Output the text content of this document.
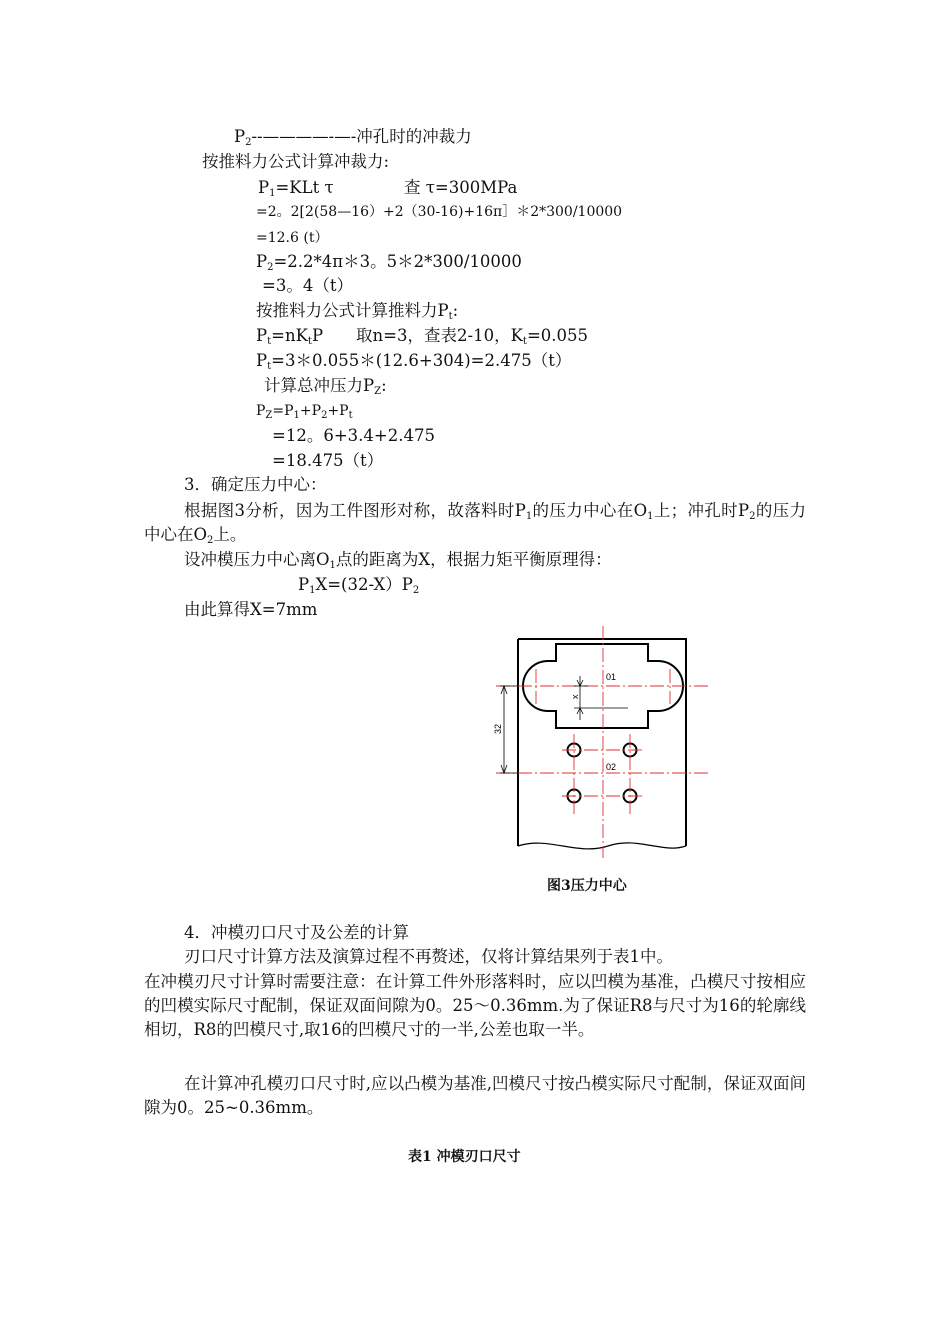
$P_2--————-—-$冲孔时的冲裁力
按推料力公式计算冲裁力:
$P_1=KLt$ τ	查 τ=300MPa
=2。2[2(58—16）+2（30-16)+16π］＊2*300/10000
=12.6 (t）
$P_2=2.2*4\pi*3$。5＊2*300/10000
=3。4（t）
按推料力公式计算推料力$P_t$:
$P_t=nK_tP$　　取n=3，查表2-10，$K_t=0.055$
$P_t=3*0.055*(12.6+304)=2.475(t)$
计算总冲压力$P_Z$:
$P_Z=P_1+P_2+P_t$
=12。6+3.4+2.475
=18.475（t）
3．确定压力中心：
根据图3分析，因为工件图形对称，故落料时$P_1$的压力中心在$O_1$上；冲孔时$P_2$的压力中心在$O_2$上。
设冲模压力中心离$O_1$点的距离为X，根据力矩平衡原理得：
$P_1X=(32-X)P_2$
由此算得X=7mm
01
02
x
32
图3压力中心
4．冲模刃口尺寸及公差的计算
刃口尺寸计算方法及演算过程不再赘述，仅将计算结果列于表1中。
在冲模刃尺寸计算时需要注意：在计算工件外形落料时，应以凹模为基准，凸模尺寸按相应的凹模实际尺寸配制，保证双面间隙为0。25～0.36mm.为了保证R8与尺寸为16的轮廓线相切，R8的凹模尺寸,取16的凹模尺寸的一半,公差也取一半。
在计算冲孔模刃口尺寸时,应以凸模为基准,凹模尺寸按凸模实际尺寸配制，保证双面间隙为0。25~0.36mm。
表1 冲模刃口尺寸
